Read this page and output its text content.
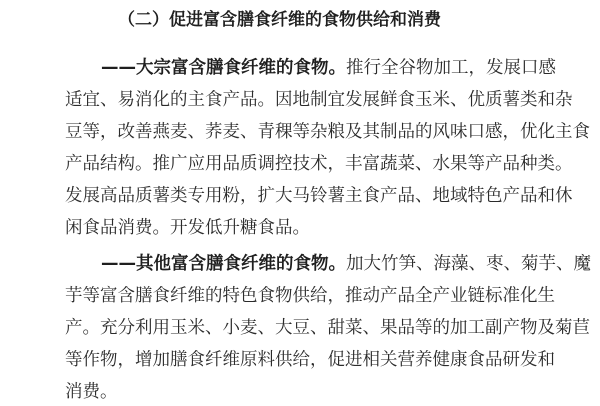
（二）促进富含膳食纤维的食物供给和消费
——大宗富含膳食纤维的食物。推行全谷物加工，发展口感
适宜、易消化的主食产品。因地制宜发展鲜食玉米、优质薯类和杂
豆等，改善燕麦、荞麦、青稞等杂粮及其制品的风味口感，优化主食
产品结构。推广应用品质调控技术，丰富蔬菜、水果等产品种类。
发展高品质薯类专用粉，扩大马铃薯主食产品、地域特色产品和休
闲食品消费。开发低升糖食品。
——其他富含膳食纤维的食物。加大竹笋、海藻、枣、菊芋、魔
芋等富含膳食纤维的特色食物供给，推动产品全产业链标准化生
产。充分利用玉米、小麦、大豆、甜菜、果品等的加工副产物及菊苣
等作物，增加膳食纤维原料供给，促进相关营养健康食品研发和
消费。
